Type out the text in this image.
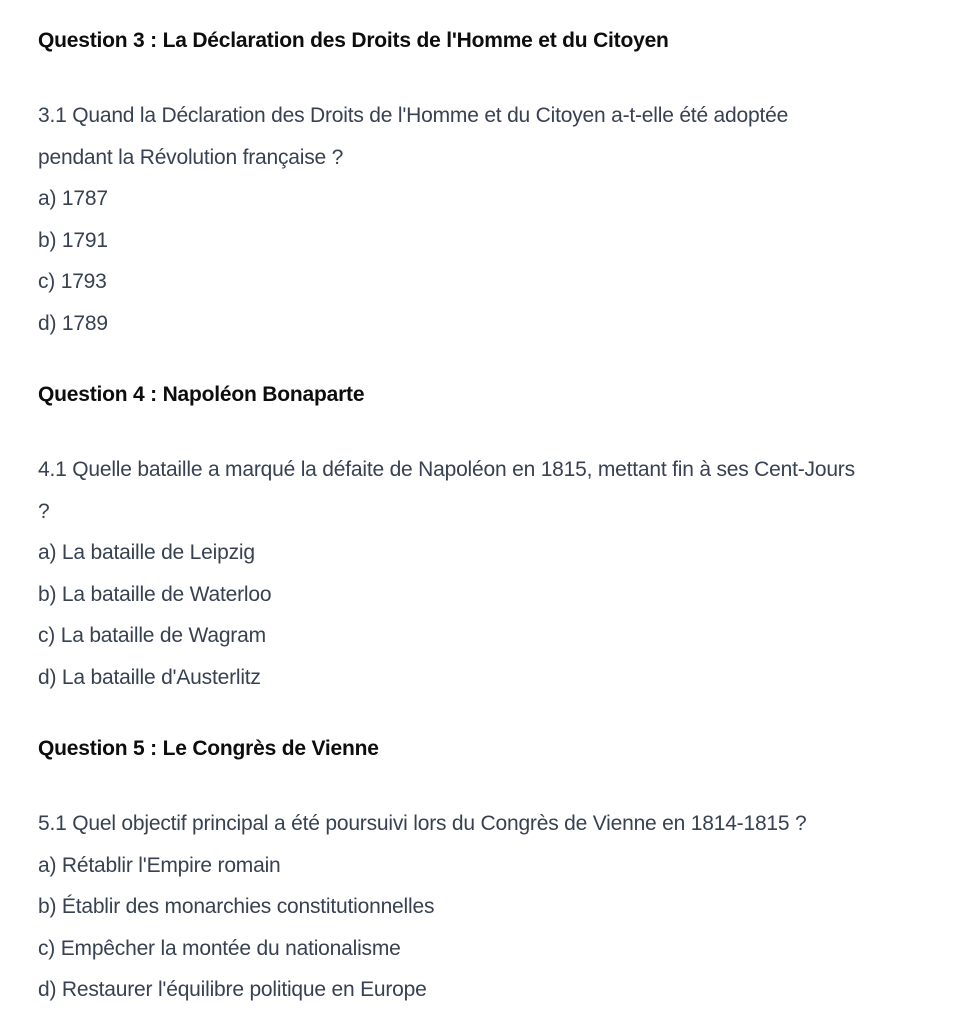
Question 3 : La Déclaration des Droits de l'Homme et du Citoyen
3.1 Quand la Déclaration des Droits de l'Homme et du Citoyen a-t-elle été adoptée
pendant la Révolution française ?
a) 1787
b) 1791
c) 1793
d) 1789
Question 4 : Napoléon Bonaparte
4.1 Quelle bataille a marqué la défaite de Napoléon en 1815, mettant fin à ses Cent-Jours
?
a) La bataille de Leipzig
b) La bataille de Waterloo
c) La bataille de Wagram
d) La bataille d'Austerlitz
Question 5 : Le Congrès de Vienne
5.1 Quel objectif principal a été poursuivi lors du Congrès de Vienne en 1814-1815 ?
a) Rétablir l'Empire romain
b) Établir des monarchies constitutionnelles
c) Empêcher la montée du nationalisme
d) Restaurer l'équilibre politique en Europe
